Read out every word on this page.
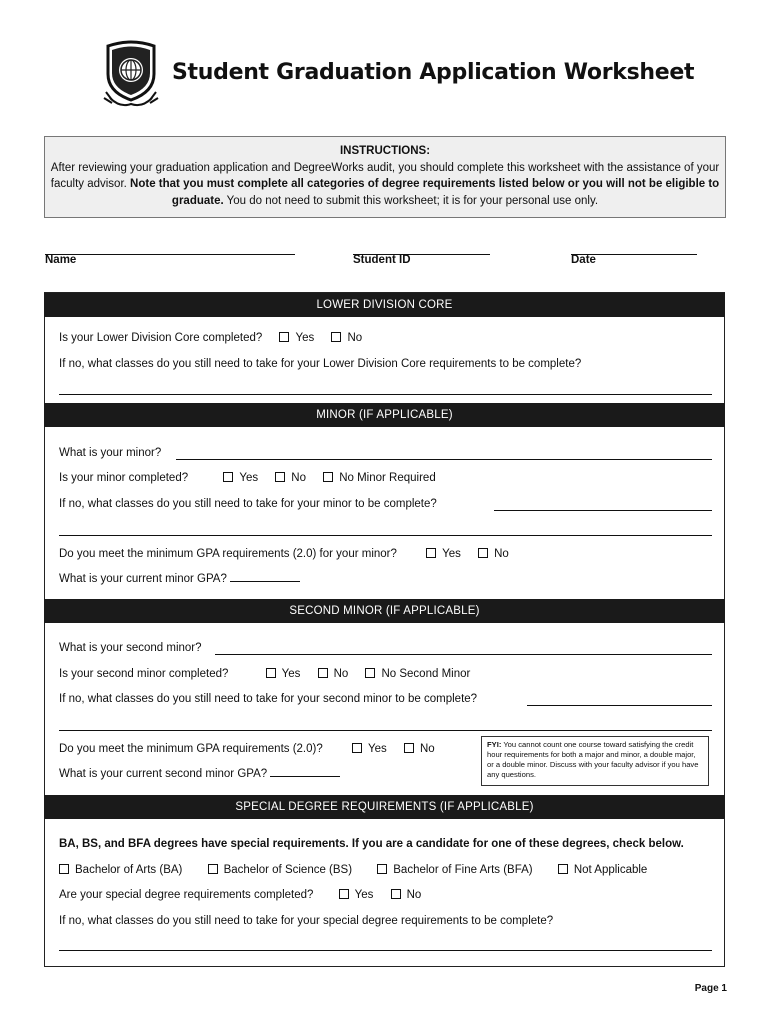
Student Graduation Application Worksheet
INSTRUCTIONS:
After reviewing your graduation application and DegreeWorks audit, you should complete this worksheet with the assistance of your faculty advisor. Note that you must complete all categories of degree requirements listed below or you will not be eligible to graduate. You do not need to submit this worksheet; it is for your personal use only.
Name	Student ID	Date
LOWER DIVISION CORE
Is your Lower Division Core completed?	Yes	No
If no, what classes do you still need to take for your Lower Division Core requirements to be complete?
MINOR (IF APPLICABLE)
What is your minor?
Is your minor completed?	Yes	No	No Minor Required
If no, what classes do you still need to take for your minor to be complete?
Do you meet the minimum GPA requirements (2.0) for your minor?	Yes	No
What is your current minor GPA?
SECOND MINOR (IF APPLICABLE)
What is your second minor?
Is your second minor completed?	Yes	No	No Second Minor
If no, what classes do you still need to take for your second minor to be complete?
Do you meet the minimum GPA requirements (2.0)?	Yes	No
What is your current second minor GPA?
FYI: You cannot count one course toward satisfying the credit hour requirements for both a major and minor, a double major, or a double minor. Discuss with your faculty advisor if you have any questions.
SPECIAL DEGREE REQUIREMENTS (IF APPLICABLE)
BA, BS, and BFA degrees have special requirements. If you are a candidate for one of these degrees, check below.
Bachelor of Arts (BA)	Bachelor of Science (BS)	Bachelor of Fine Arts (BFA)	Not Applicable
Are your special degree requirements completed?	Yes	No
If no, what classes do you still need to take for your special degree requirements to be complete?
Page 1
